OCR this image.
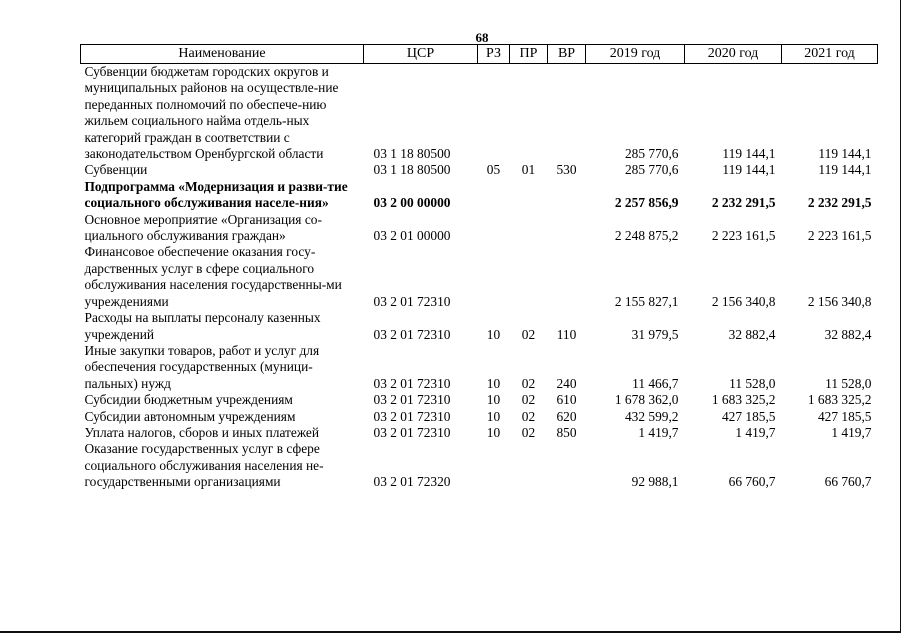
68
Наименование	ЦСР	РЗ	ПР	ВР	2019 год	2020 год	2021 год
Субвенции бюджетам городских округов и муниципальных районов на осуществле-ние переданных полномочий по обеспече-нию жильем социального найма отдель-ных категорий граждан в соответствии с законодательством Оренбургской области	03 1 18 80500				285 770,6	119 144,1	119 144,1
Субвенции	03 1 18 80500	05	01	530	285 770,6	119 144,1	119 144,1
Подпрограмма «Модернизация и разви-тие социального обслуживания населе-ния»	03 2 00 00000				2 257 856,9	2 232 291,5	2 232 291,5
Основное мероприятие «Организация со-циального обслуживания граждан»	03 2 01 00000				2 248 875,2	2 223 161,5	2 223 161,5
Финансовое обеспечение оказания госу-дарственных услуг в сфере социального обслуживания населения государственны-ми учреждениями	03 2 01 72310				2 155 827,1	2 156 340,8	2 156 340,8
Расходы на выплаты персоналу казенных учреждений	03 2 01 72310	10	02	110	31 979,5	32 882,4	32 882,4
Иные закупки товаров, работ и услуг для обеспечения государственных (муници-пальных) нужд	03 2 01 72310	10	02	240	11 466,7	11 528,0	11 528,0
Субсидии бюджетным учреждениям	03 2 01 72310	10	02	610	1 678 362,0	1 683 325,2	1 683 325,2
Субсидии автономным учреждениям	03 2 01 72310	10	02	620	432 599,2	427 185,5	427 185,5
Уплата налогов, сборов и иных платежей	03 2 01 72310	10	02	850	1 419,7	1 419,7	1 419,7
Оказание государственных услуг в сфере социального обслуживания населения не-государственными организациями	03 2 01 72320				92 988,1	66 760,7	66 760,7
